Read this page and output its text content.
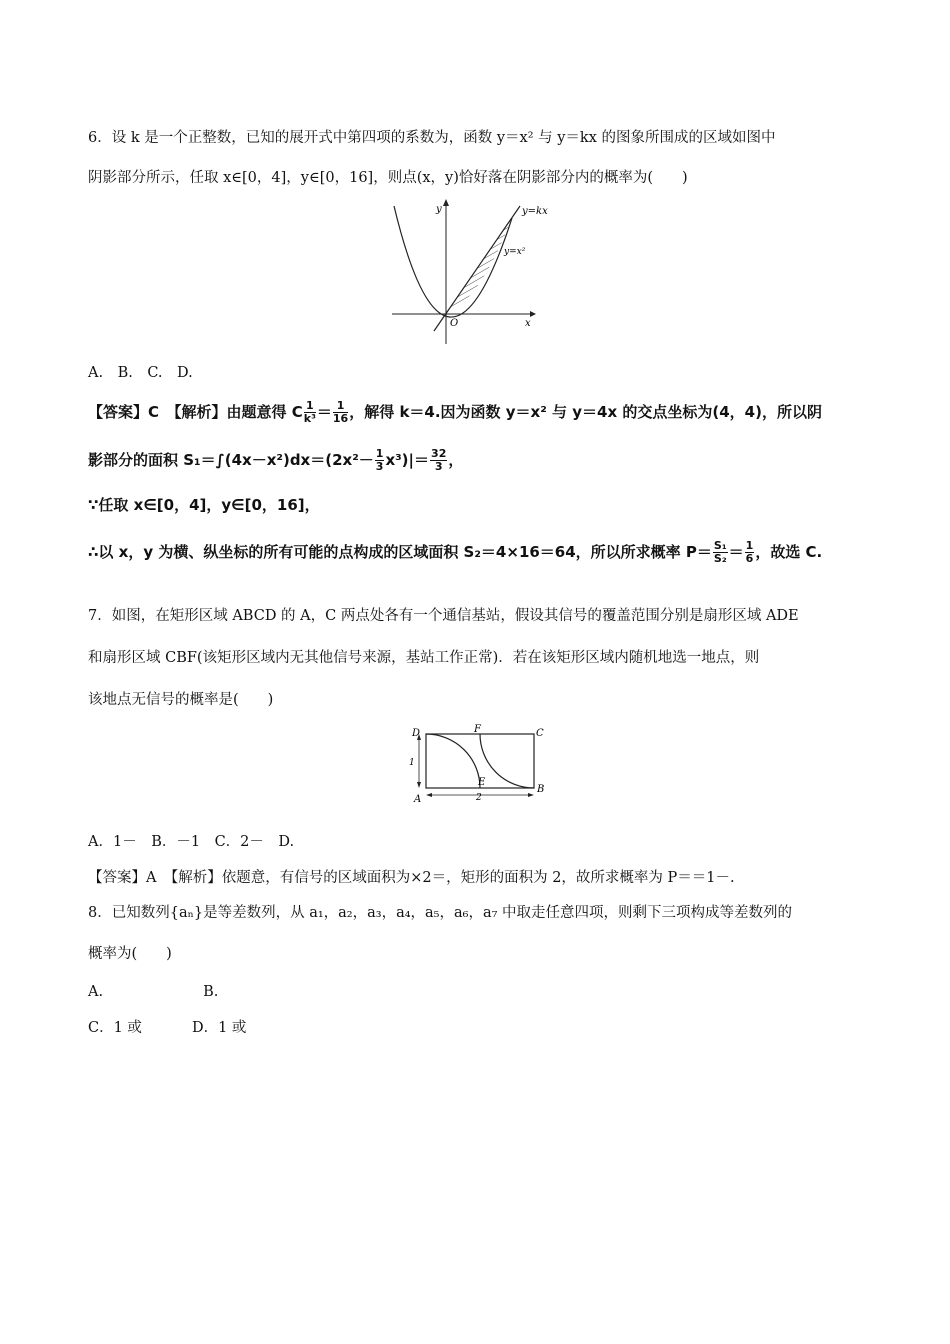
6．设 k 是一个正整数，已知的展开式中第四项的系数为，函数 y＝x² 与 y＝kx 的图象所围成的区域如图中
阴影部分所示，任取 x∈[0，4]，y∈[0，16]，则点(x，y)恰好落在阴影部分内的概率为(　　)
y
x
O
y=kx
y=x²
A.　B.　C.　D.
【答案】C　【解析】由题意得 C $\frac{1}{\text{k³}} = \frac{1}{16}$ ，解得 k＝4.因为函数 y＝x² 与 y＝4x 的交点坐标为(4，4)，所以阴
影部分的面积 $S_1=\int(4x-x^2)dx=(2x^2- \frac{1}{3} x^3)|= \frac{32}{3}$ ，
∵任取 x∈[0，4]，y∈[0，16]，
∴以 x，y 为横、纵坐标的所有可能的点构成的区域面积 S₂＝4×16＝64，所以所求概率 $P= \frac{\text{S₁}}{\text{S₂}} = \frac{1}{6}$ ，故选 C.
7．如图，在矩形区域 ABCD 的 A，C 两点处各有一个通信基站，假设其信号的覆盖范围分别是扇形区域 ADE
和扇形区域 CBF(该矩形区域内无其他信号来源，基站工作正常)．若在该矩形区域内随机地选一地点，则
该地点无信号的概率是(　　)
D	F	C
A
E
B
1
2
A．1－　B．－1　C．2－　D.
【答案】A　【解析】依题意，有信号的区域面积为×2＝，矩形的面积为 2，故所求概率为 P＝＝1－.
8．已知数列{aₙ}是等差数列，从 a₁，a₂，a₃，a₄，a₅，a₆，a₇ 中取走任意四项，则剩下三项构成等差数列的
概率为(　　)
A.	B.
C．1 或	D．1 或
